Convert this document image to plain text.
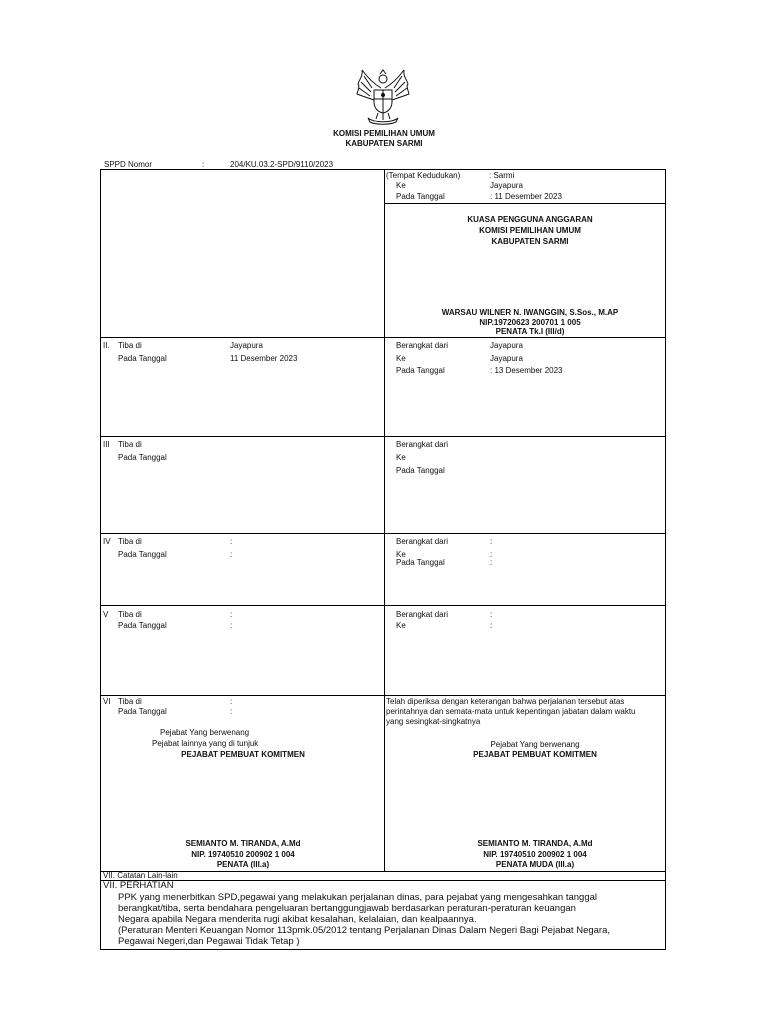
KOMISI PEMILIHAN UMUM
KABUPATEN SARMI
SPPD Nomor	:	204/KU.03.2-SPD/9110/2023
(Tempat Kedudukan)	: Sarmi
Ke	Jayapura
Pada Tanggal	: 11 Desember 2023
KUASA PENGGUNA ANGGARAN
KOMISI PEMILIHAN UMUM
KABUPATEN SARMI
WARSAU WILNER N. IWANGGIN, S.Sos., M.AP
NIP.19720623 200701 1 005
PENATA Tk.I (III/d)
II. Tiba di	Jayapura
Pada Tanggal	11 Desember 2023
Berangkat dari	Jayapura
Ke	Jayapura
Pada Tanggal	: 13 Desember 2023
III Tiba di
Pada Tanggal
Berangkat dari
Ke
Pada Tanggal
IV Tiba di	:
Pada Tanggal	:
Berangkat dari	:
Ke	:
Pada Tanggal	:
V Tiba di	:
Pada Tanggal	:
Berangkat dari	:
Ke	:
VI Tiba di	:
Pada Tanggal	:
Pejabat Yang berwenang
Pejabat lainnya yang di tunjuk
PEJABAT PEMBUAT KOMITMEN
SEMIANTO M. TIRANDA, A.Md
NIP. 19740510 200902 1 004
PENATA (III.a)
Telah diperiksa dengan keterangan bahwa perjalanan tersebut atas
perintahnya dan semata-mata untuk kepentingan jabatan dalam waktu
yang sesingkat-singkatnya
Pejabat Yang berwenang
PEJABAT PEMBUAT KOMITMEN
SEMIANTO M. TIRANDA, A.Md
NIP. 19740510 200902 1 004
PENATA MUDA (III.a)
VII. Catatan Lain-lain
VII. PERHATIAN
PPK yang menerbitkan SPD,pegawai yang melakukan perjalanan dinas, para pejabat yang mengesahkan tanggal
berangkat/tiba, serta bendahara pengeluaran bertanggungjawab berdasarkan peraturan-peraturan keuangan
Negara apabila Negara menderita rugi akibat kesalahan, kelalaian, dan kealpaannya.
(Peraturan Menteri Keuangan Nomor 113pmk.05/2012 tentang Perjalanan Dinas Dalam Negeri Bagi Pejabat Negara,
Pegawai Negeri,dan Pegawai Tidak Tetap )
